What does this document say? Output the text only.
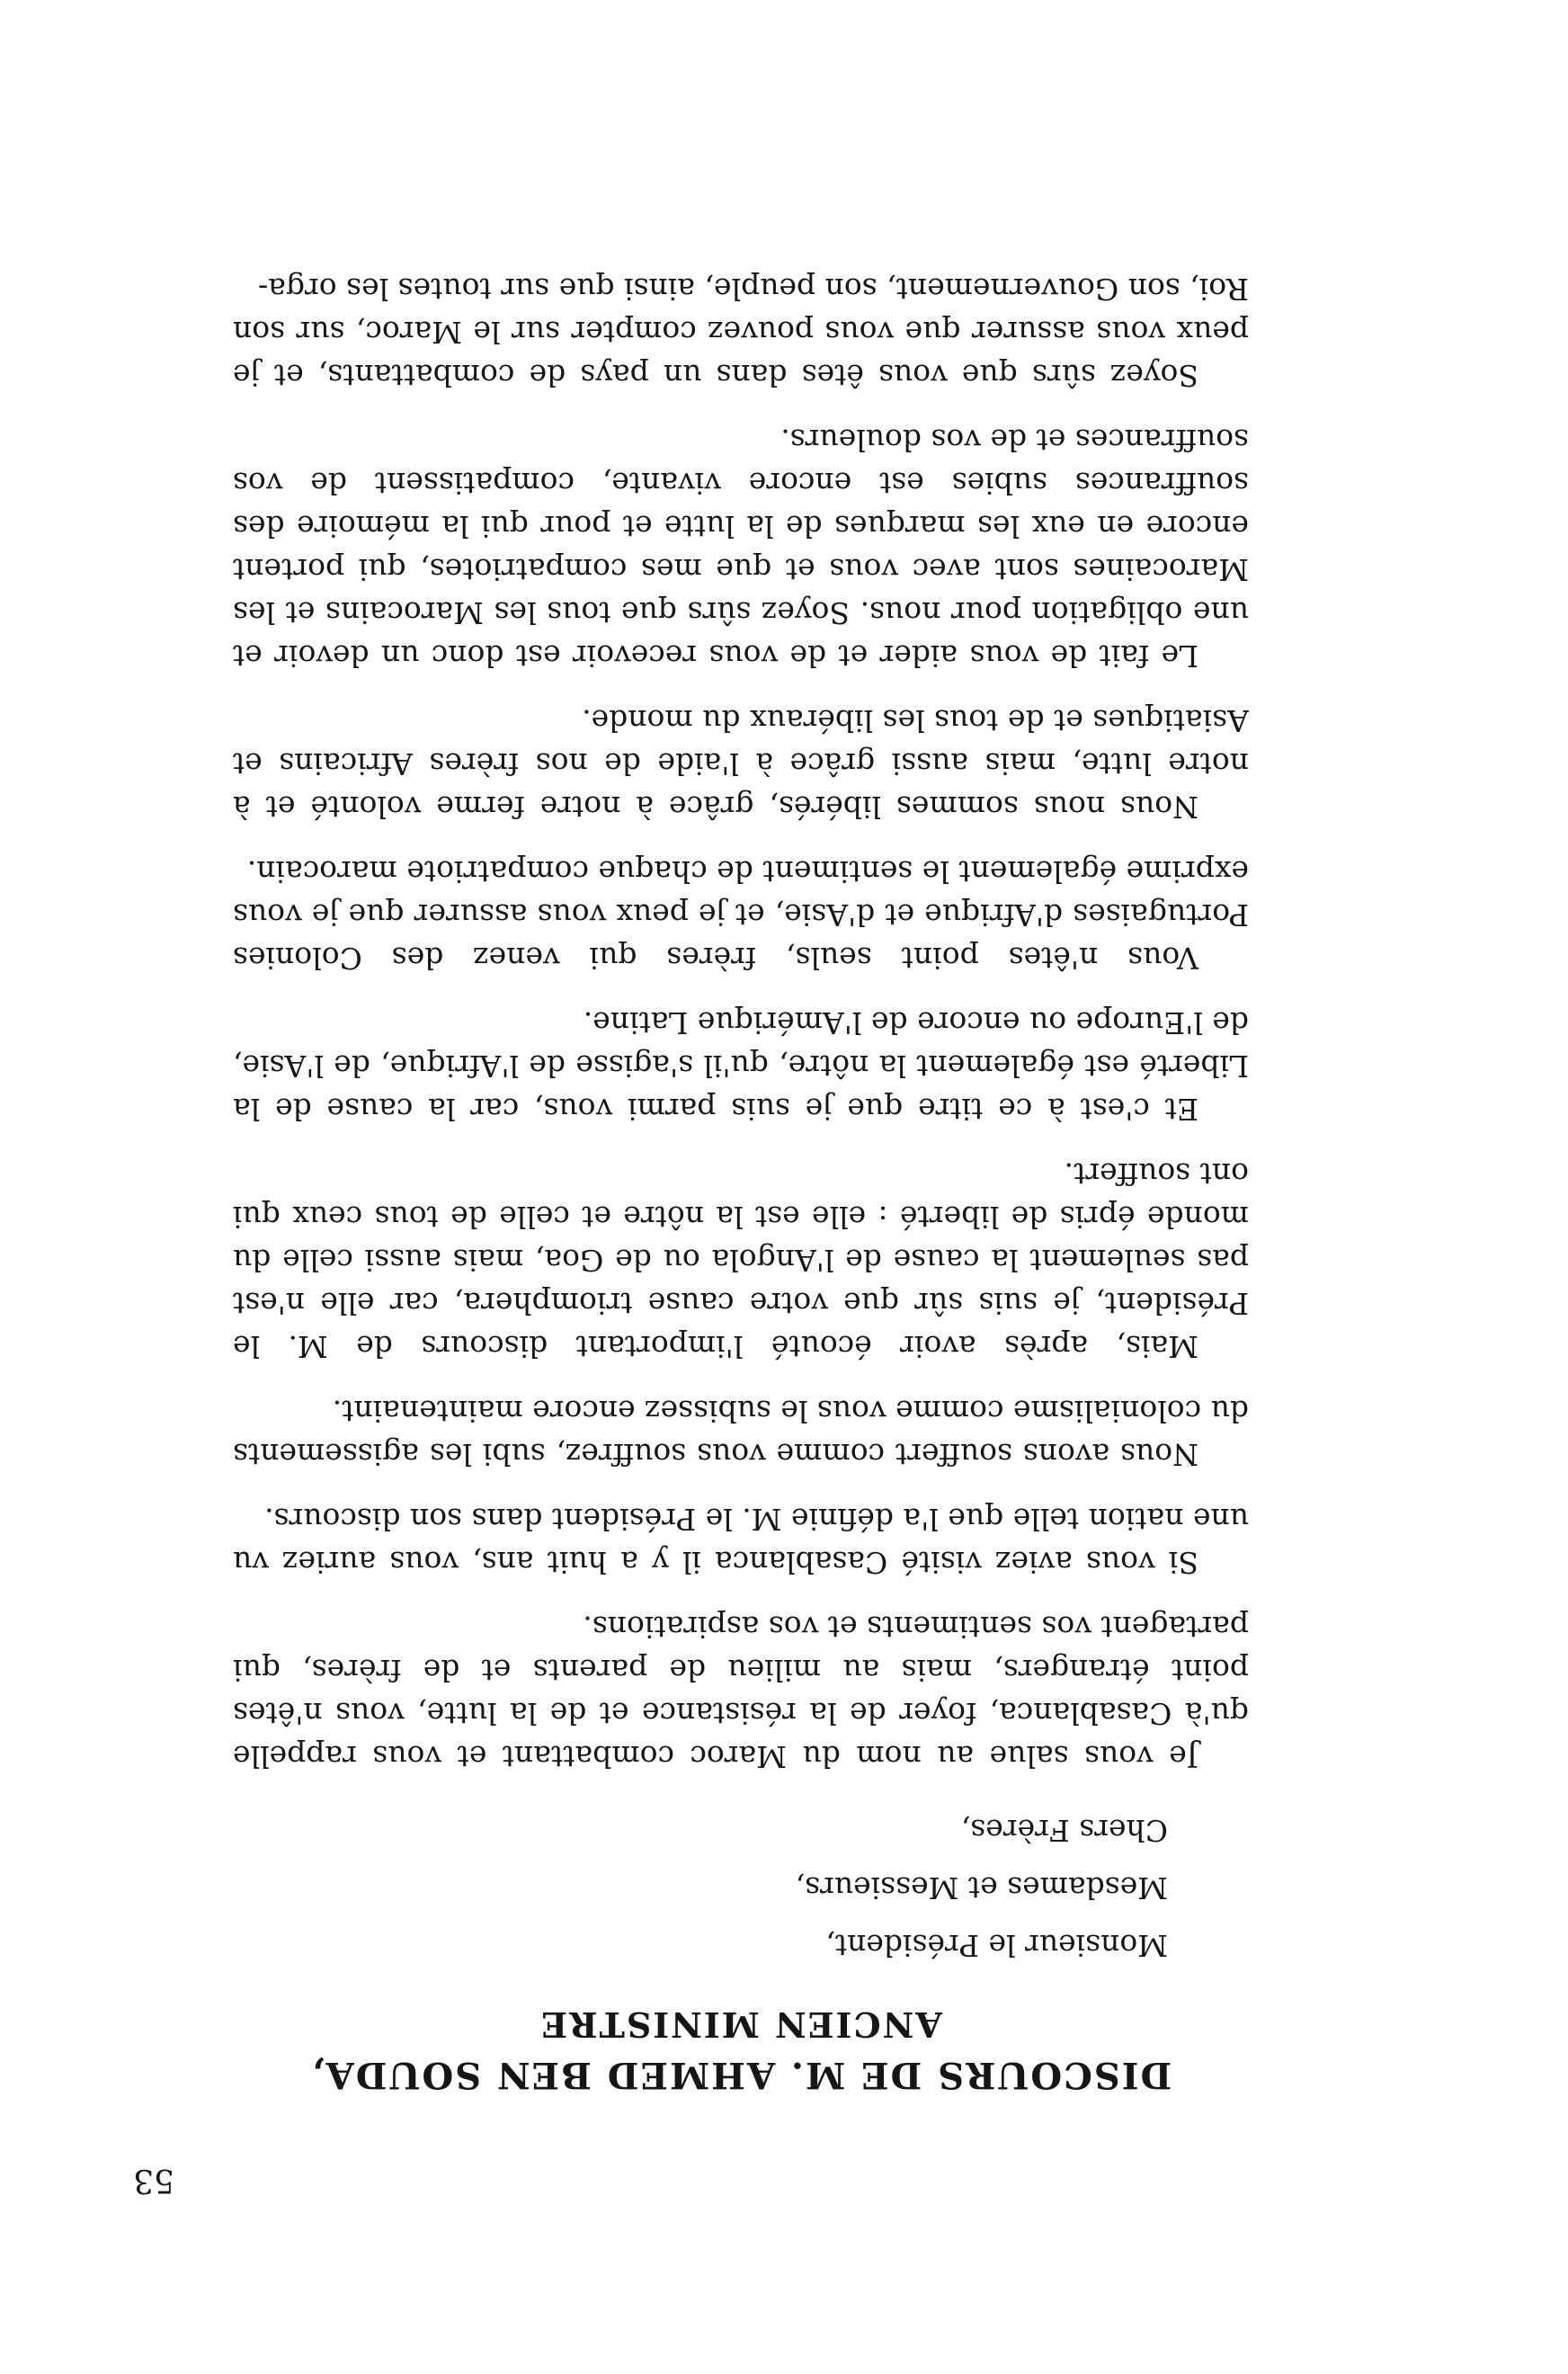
53

DISCOURS DE M. AHMED BEN SOUDA,

ANCIEN MINISTRE

Monsieur le Président,

Mesdames et Messieurs,

Chers Frères,

Je vous salue au nom du Maroc combattant et vous rappelle qu'à Casablanca, foyer de la résistance et de la lutte, vous n'êtes point étrangers, mais au milieu de parents et de frères, qui partagent vos sentiments et vos aspirations.

Si vous aviez visité Casablanca il y a huit ans, vous auriez vu une nation telle que l'a définie M. le Président dans son discours.

Nous avons souffert comme vous souffrez, subi les agissements du colonialisme comme vous le subissez encore maintenaint.

Mais, après avoir écouté l'important discours de M. le Président, je suis sûr que votre cause triomphera, car elle n'est pas seulement la cause de l'Angola ou de Goa, mais aussi celle du monde épris de liberté : elle est la nôtre et celle de tous ceux qui ont souffert.

Et c'est à ce titre que je suis parmi vous, car la cause de la Liberté est également la nôtre, qu'il s'agisse de l'Afrique, de l'Asie, de l'Europe ou encore de l'Amérique Latine.

Vous n'êtes point seuls, frères qui venez des Colonies Portugaises d'Afrique et d'Asie, et je peux vous assurer que je vous exprime également le sentiment de chaque compatriote marocain.

Nous nous sommes libérés, grâce à notre ferme volonté et à notre lutte, mais aussi grâce à l'aide de nos frères Africains et Asiatiques et de tous les libéraux du monde.

Le fait de vous aider et de vous recevoir est donc un devoir et une obligation pour nous. Soyez sûrs que tous les Marocains et les Marocaines sont avec vous et que mes compatriotes, qui portent encore en eux les marques de la lutte et pour qui la mémoire des souffrances subies est encore vivante, compatissent de vos souffrances et de vos douleurs.

Soyez sûrs que vous êtes dans un pays de combattants, et je peux vous assurer que vous pouvez compter sur le Maroc, sur son Roi, son Gouvernement, son peuple, ainsi que sur toutes les orga-
